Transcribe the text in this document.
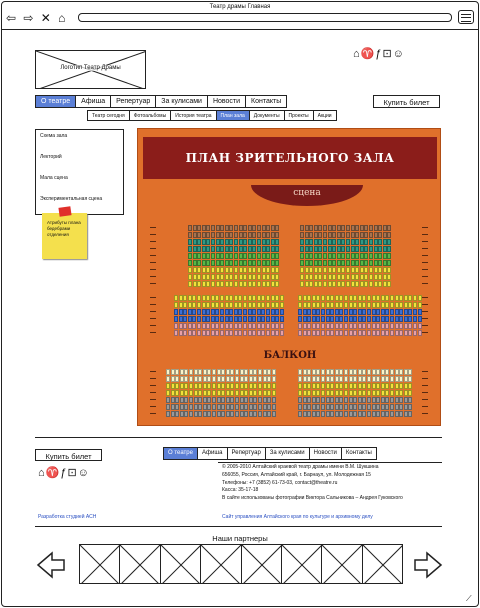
Театр драмы Главная
⇦ ⇨ ✕ ⌂
Логотип Театр Драмы
⌂♈ƒ⊡☺
О театре	Афиша	Репертуар	За кулисами	Новости	Контакты	Купить билет
Театр сегодня	Фотоальбомы	История театра	План зала	Документы	Проекты	Акции
Схема зала
Лекторий
Мала сцена
Экспериментальная сцена
Атрибуты плана бедебрами отделения
ПЛАН ЗРИТЕЛЬНОГО ЗАЛА
сцена
БАЛКОН
Купить билет	О театре	Афиша	Репертуар	За кулисами	Новости	Контакты
⌂♈ƒ⊡☺	© 2005-2010 Алтайский краевой театр драмы имени В.М. Шукшина
656055, Россия, Алтайский край, г. Барнаул, ул. Молодежная 15
Телефоны: +7 (3852) 61-73-03, contact@theatre.ru
Касса: 35-17-18
В сайте использованы фотографии Виктора Сальникова – Андрея Гуковского
Разработка студией АСН	Сайт управления Алтайского края по культуре и архивному делу
Наши партнеры
⟋
